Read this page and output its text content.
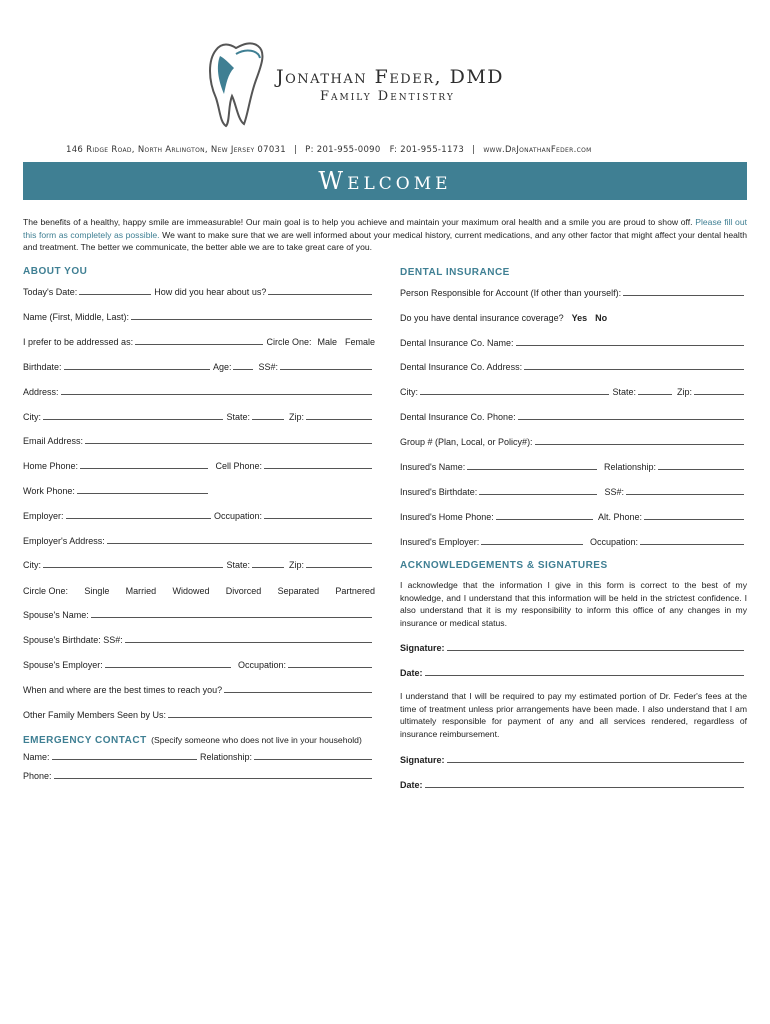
Jonathan Feder, DMD
Family Dentistry
146 Ridge Road, North Arlington, New Jersey 07031 | P: 201-955-0090 F: 201-955-1173 | www.DrJonathanFeder.com
Welcome
The benefits of a healthy, happy smile are immeasurable! Our main goal is to help you achieve and maintain your maximum oral health and a smile you are proud to show off. Please fill out this form as completely as possible. We want to make sure that we are well informed about your medical history, current medications, and any other factor that might affect your dental health and treatment. The better we communicate, the better able we are to take great care of you.
ABOUT YOU
Today's Date:	How did you hear about us?
Name (First, Middle, Last):
I prefer to be addressed as:	Circle One: Male Female
Birthdate:	Age:	SS#:
Address:
City:	State:	Zip:
Email Address:
Home Phone:	Cell Phone:
Work Phone:
Employer:	Occupation:
Employer's Address:
City:	State:	Zip:
Circle One: Single Married Widowed Divorced Separated Partnered
Spouse's Name:
Spouse's Birthdate: SS#:
Spouse's Employer:	Occupation:
When and where are the best times to reach you?
Other Family Members Seen by Us:
EMERGENCY CONTACT (Specify someone who does not live in your household)
Name:	Relationship:
Phone:
DENTAL INSURANCE
Person Responsible for Account (If other than yourself):
Do you have dental insurance coverage? Yes No
Dental Insurance Co. Name:
Dental Insurance Co. Address:
City:	State:	Zip:
Dental Insurance Co. Phone:
Group # (Plan, Local, or Policy#):
Insured's Name:	Relationship:
Insured's Birthdate:	SS#:
Insured's Home Phone:	Alt. Phone:
Insured's Employer:	Occupation:
ACKNOWLEDGEMENTS & SIGNATURES
I acknowledge that the information I give in this form is correct to the best of my knowledge, and I understand that this information will be held in the strictest confidence. I also understand that it is my responsibility to inform this office of any changes in my insurance or medical status.
Signature:
Date:
I understand that I will be required to pay my estimated portion of Dr. Feder's fees at the time of treatment unless prior arrangements have been made. I also understand that I am ultimately responsible for payment of any and all services rendered, regardless of insurance reimbursement.
Signature:
Date:
